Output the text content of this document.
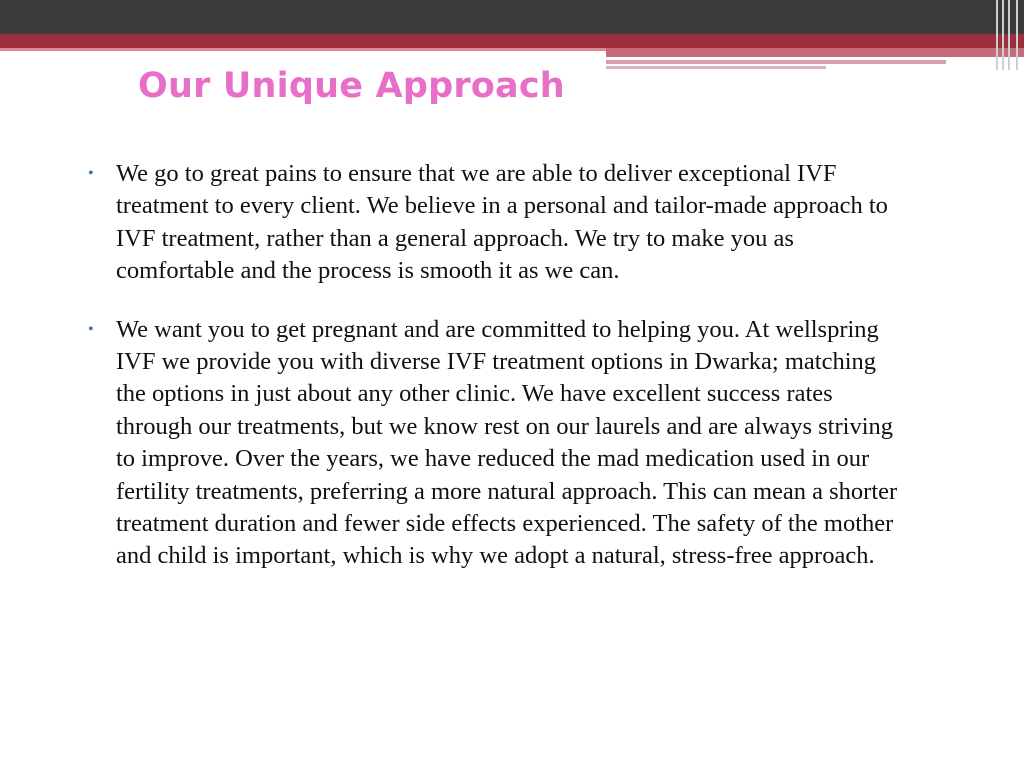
Our Unique Approach
• We go to great pains to ensure that we are able to deliver exceptional IVF treatment to every client. We believe in a personal and tailor-made approach to IVF treatment, rather than a general approach. We try to make you as comfortable and the process is smooth it as we can.
• We want you to get pregnant and are committed to helping you. At wellspring IVF we provide you with diverse IVF treatment options in Dwarka; matching the options in just about any other clinic. We have excellent success rates through our treatments, but we know rest on our laurels and are always striving to improve. Over the years, we have reduced the mad medication used in our fertility treatments, preferring a more natural approach. This can mean a shorter treatment duration and fewer side effects experienced. The safety of the mother and child is important, which is why we adopt a natural, stress-free approach.
